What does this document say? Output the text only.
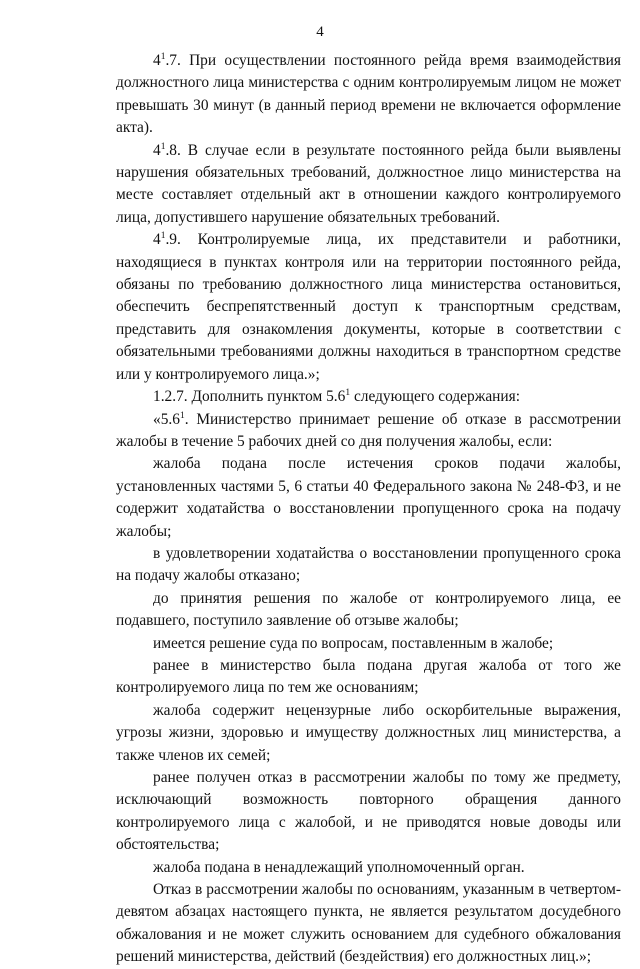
4

$4^1.7$. При осуществлении постоянного рейда время взаимодействия должностного лица министерства с одним контролируемым лицом не может превышать 30 минут (в данный период времени не включается оформление акта).

$4^1.8$. В случае если в результате постоянного рейда были выявлены нарушения обязательных требований, должностное лицо министерства на месте составляет отдельный акт в отношении каждого контролируемого лица, допустившего нарушение обязательных требований.

$4^1.9$. Контролируемые лица, их представители и работники, находящиеся в пунктах контроля или на территории постоянного рейда, обязаны по требованию должностного лица министерства остановиться, обеспечить беспрепятственный доступ к транспортным средствам, представить для ознакомления документы, которые в соответствии с обязательными требованиями должны находиться в транспортном средстве или у контролируемого лица.»;

1.2.7. Дополнить пунктом $5.6^1$ следующего содержания:

«$5.6^1$. Министерство принимает решение об отказе в рассмотрении жалобы в течение 5 рабочих дней со дня получения жалобы, если:

жалоба подана после истечения сроков подачи жалобы, установленных частями 5, 6 статьи 40 Федерального закона № 248-ФЗ, и не содержит ходатайства о восстановлении пропущенного срока на подачу жалобы;

в удовлетворении ходатайства о восстановлении пропущенного срока на подачу жалобы отказано;

до принятия решения по жалобе от контролируемого лица, ее подавшего, поступило заявление об отзыве жалобы;

имеется решение суда по вопросам, поставленным в жалобе;

ранее в министерство была подана другая жалоба от того же контролируемого лица по тем же основаниям;

жалоба содержит нецензурные либо оскорбительные выражения, угрозы жизни, здоровью и имуществу должностных лиц министерства, а также членов их семей;

ранее получен отказ в рассмотрении жалобы по тому же предмету, исключающий возможность повторного обращения данного контролируемого лица с жалобой, и не приводятся новые доводы или обстоятельства;

жалоба подана в ненадлежащий уполномоченный орган.

Отказ в рассмотрении жалобы по основаниям, указанным в четвертом-девятом абзацах настоящего пункта, не является результатом досудебного обжалования и не может служить основанием для судебного обжалования решений министерства, действий (бездействия) его должностных лиц.»;
